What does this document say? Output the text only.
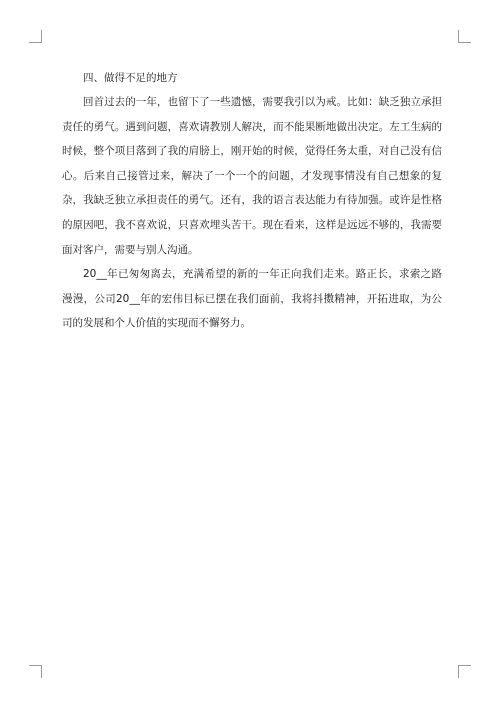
四、做得不足的地方

回首过去的一年，也留下了一些遗憾，需要我引以为戒。比如：缺乏独立承担责任的勇气。遇到问题，喜欢请教别人解决，而不能果断地做出决定。左工生病的时候，整个项目落到了我的肩膀上，刚开始的时候，觉得任务太重，对自己没有信心。后来自己接管过来，解决了一个一个的问题，才发现事情没有自己想象的复杂，我缺乏独立承担责任的勇气。还有，我的语言表达能力有待加强。或许是性格的原因吧，我不喜欢说，只喜欢埋头苦干。现在看来，这样是远远不够的，我需要面对客户，需要与别人沟通。

20__年已匆匆离去，充满希望的新的一年正向我们走来。路正长，求索之路漫漫，公司20__年的宏伟目标已摆在我们面前，我将抖擞精神，开拓进取，为公司的发展和个人价值的实现而不懈努力。
